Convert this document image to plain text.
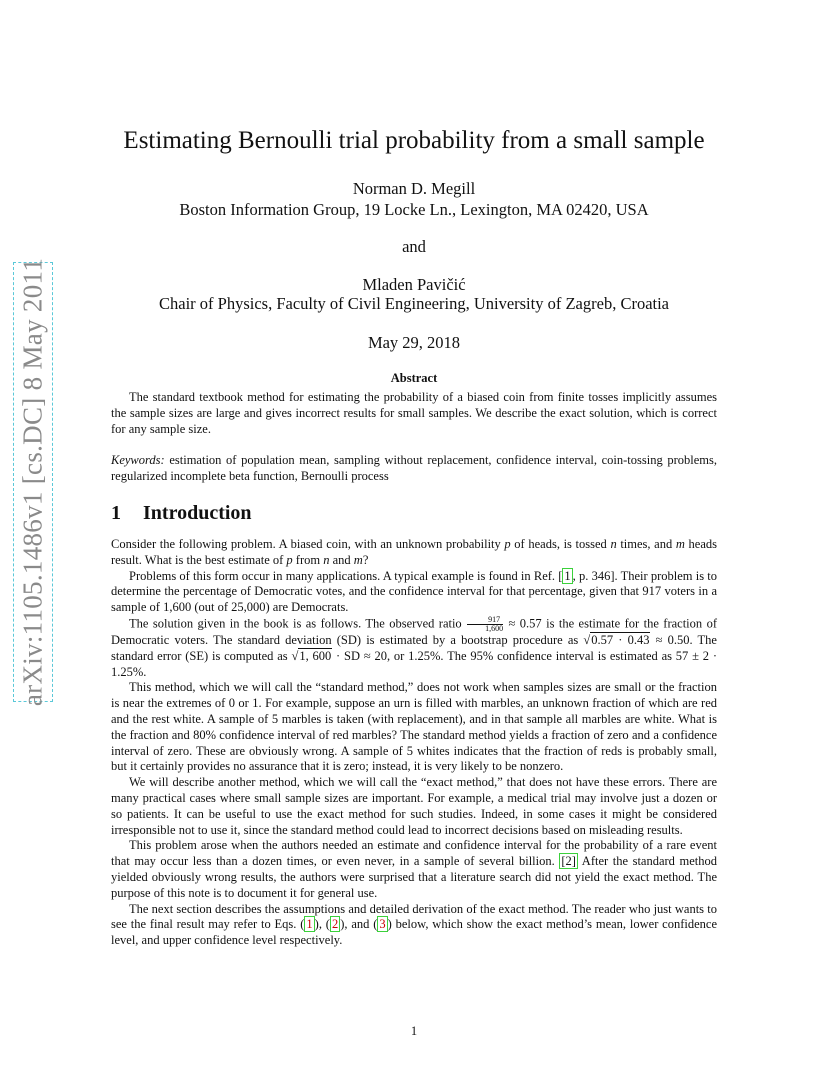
arXiv:1105.1486v1 [cs.DC] 8 May 2011
Estimating Bernoulli trial probability from a small sample
Norman D. Megill
Boston Information Group, 19 Locke Ln., Lexington, MA 02420, USA
and
Mladen Pavičić
Chair of Physics, Faculty of Civil Engineering, University of Zagreb, Croatia
May 29, 2018
Abstract

The standard textbook method for estimating the probability of a biased coin from finite tosses implicitly assumes the sample sizes are large and gives incorrect results for small samples. We describe the exact solution, which is correct for any sample size.

Keywords: estimation of population mean, sampling without replacement, confidence interval, coin-tossing problems, regularized incomplete beta function, Bernoulli process

1 Introduction

Consider the following problem. A biased coin, with an unknown probability p of heads, is tossed n times, and m heads result. What is the best estimate of p from n and m?

Problems of this form occur in many applications. A typical example is found in Ref. [ 1 , p. 346]. Their problem is to determine the percentage of Democratic votes, and the confidence interval for that percentage, given that 917 voters in a sample of 1,600 (out of 25,000) are Democrats.

The solution given in the book is as follows. The observed ratio $\frac{917}{1,600} \approx 0.57$ is the estimate for the fraction of Democratic voters. The standard deviation (SD) is estimated by a bootstrap procedure as √0.57 · 0.43 ≈ 0.50. The standard error (SE) is computed as √1, 600 · SD ≈ 20, or 1.25%. The 95% confidence interval is estimated as 57 ± 2 · 1.25%.

This method, which we will call the “standard method,” does not work when samples sizes are small or the fraction is near the extremes of 0 or 1. For example, suppose an urn is filled with marbles, an unknown fraction of which are red and the rest white. A sample of 5 marbles is taken (with replacement), and in that sample all marbles are white. What is the fraction and 80% confidence interval of red marbles? The standard method yields a fraction of zero and a confidence interval of zero. These are obviously wrong. A sample of 5 whites indicates that the fraction of reds is probably small, but it certainly provides no assurance that it is zero; instead, it is very likely to be nonzero.

We will describe another method, which we will call the “exact method,” that does not have these errors. There are many practical cases where small sample sizes are important. For example, a medical trial may involve just a dozen or so patients. It can be useful to use the exact method for such studies. Indeed, in some cases it might be considered irresponsible not to use it, since the standard method could lead to incorrect decisions based on misleading results.

This problem arose when the authors needed an estimate and confidence interval for the probability of a rare event that may occur less than a dozen times, or even never, in a sample of several billion. [2] After the standard method yielded obviously wrong results, the authors were surprised that a literature search did not yield the exact method. The purpose of this note is to document it for general use.

The next section describes the assumptions and detailed derivation of the exact method. The reader who just wants to see the final result may refer to Eqs. ( 1 ), ( 2 ), and ( 3 ) below, which show the exact method’s mean, lower confidence level, and upper confidence level respectively.

1
